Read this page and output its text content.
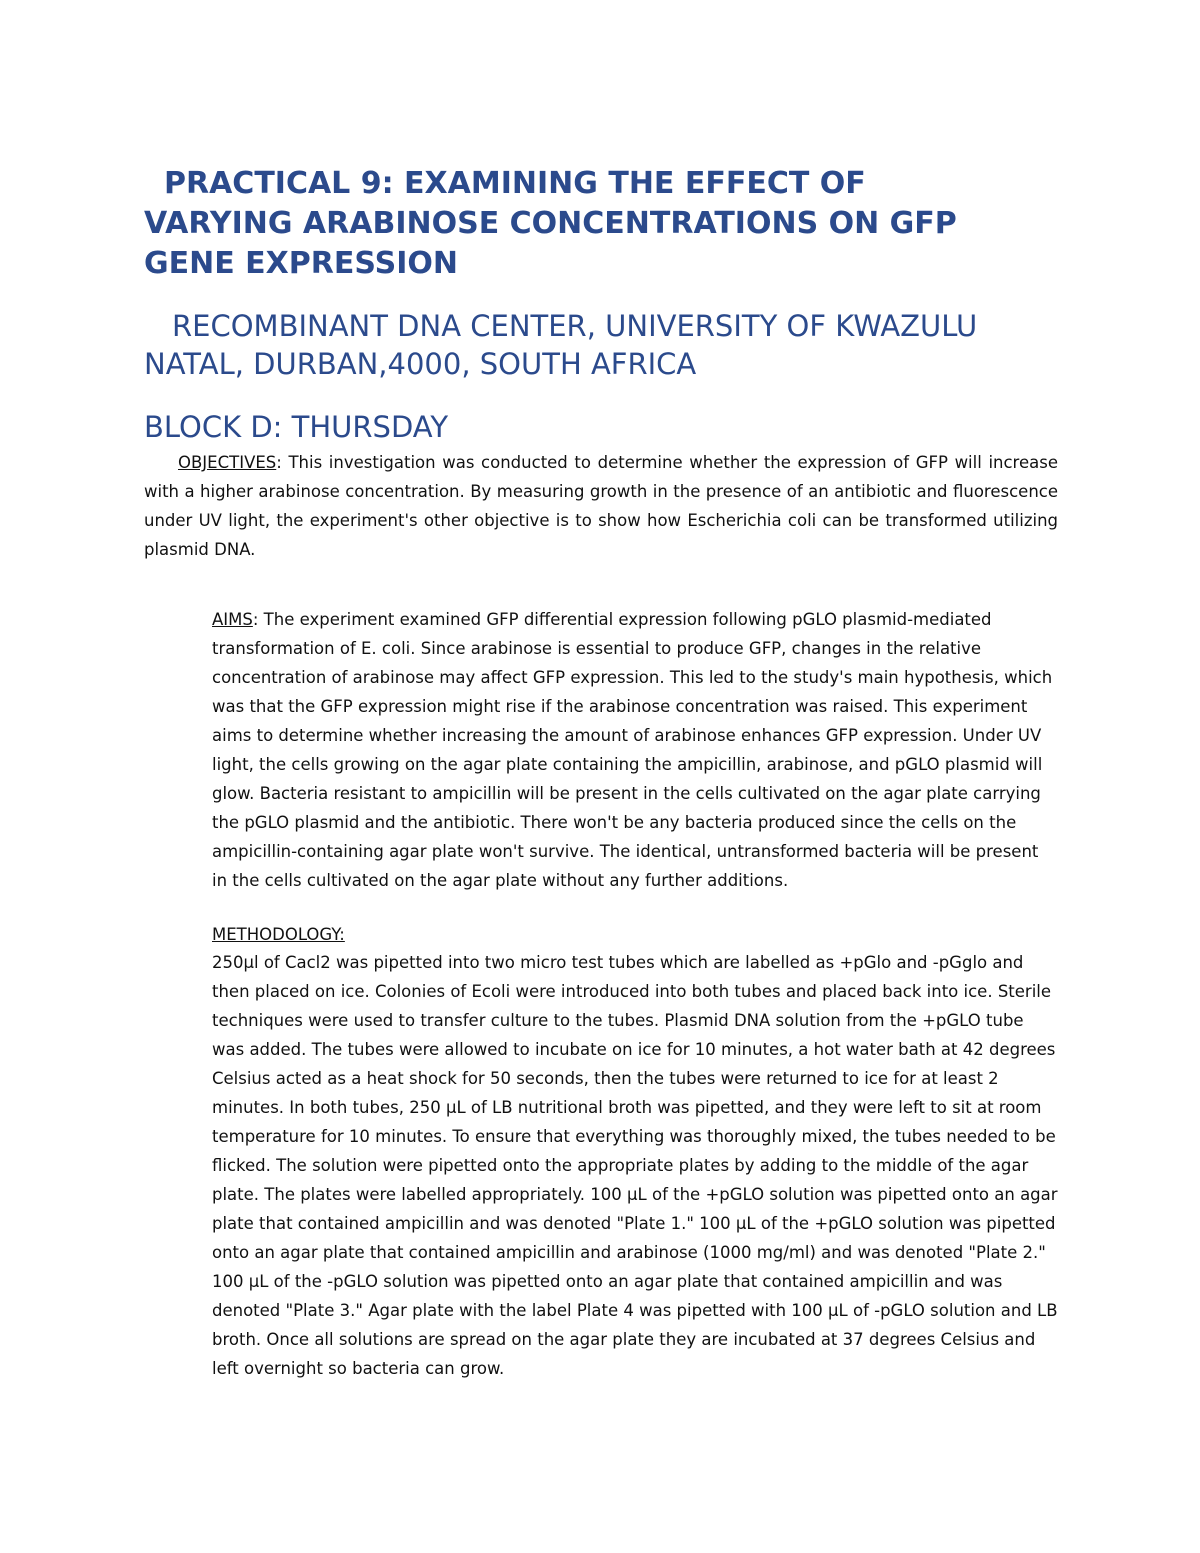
PRACTICAL 9: EXAMINING THE EFFECT OF
VARYING ARABINOSE CONCENTRATIONS ON GFP
GENE EXPRESSION
RECOMBINANT DNA CENTER, UNIVERSITY OF KWAZULU
NATAL, DURBAN,4000, SOUTH AFRICA
BLOCK D: THURSDAY

OBJECTIVES: This investigation was conducted to determine whether the expression of GFP will increase with a higher arabinose concentration. By measuring growth in the presence of an antibiotic and fluorescence under UV light, the experiment's other objective is to show how Escherichia coli can be transformed utilizing plasmid DNA.

AIMS: The experiment examined GFP differential expression following pGLO plasmid-mediated transformation of E. coli. Since arabinose is essential to produce GFP, changes in the relative concentration of arabinose may affect GFP expression. This led to the study's main hypothesis, which was that the GFP expression might rise if the arabinose concentration was raised. This experiment aims to determine whether increasing the amount of arabinose enhances GFP expression. Under UV light, the cells growing on the agar plate containing the ampicillin, arabinose, and pGLO plasmid will glow. Bacteria resistant to ampicillin will be present in the cells cultivated on the agar plate carrying the pGLO plasmid and the antibiotic. There won't be any bacteria produced since the cells on the ampicillin-containing agar plate won't survive. The identical, untransformed bacteria will be present in the cells cultivated on the agar plate without any further additions.

METHODOLOGY:

250µl of Cacl2 was pipetted into two micro test tubes which are labelled as +pGlo and -pGglo and then placed on ice. Colonies of Ecoli were introduced into both tubes and placed back into ice. Sterile techniques were used to transfer culture to the tubes. Plasmid DNA solution from the +pGLO tube was added. The tubes were allowed to incubate on ice for 10 minutes, a hot water bath at 42 degrees Celsius acted as a heat shock for 50 seconds, then the tubes were returned to ice for at least 2 minutes. In both tubes, 250 µL of LB nutritional broth was pipetted, and they were left to sit at room temperature for 10 minutes. To ensure that everything was thoroughly mixed, the tubes needed to be flicked. The solution were pipetted onto the appropriate plates by adding to the middle of the agar plate. The plates were labelled appropriately. 100 µL of the +pGLO solution was pipetted onto an agar plate that contained ampicillin and was denoted "Plate 1." 100 µL of the +pGLO solution was pipetted onto an agar plate that contained ampicillin and arabinose (1000 mg/ml) and was denoted "Plate 2." 100 µL of the -pGLO solution was pipetted onto an agar plate that contained ampicillin and was denoted "Plate 3." Agar plate with the label Plate 4 was pipetted with 100 µL of -pGLO solution and LB broth. Once all solutions are spread on the agar plate they are incubated at 37 degrees Celsius and left overnight so bacteria can grow.
